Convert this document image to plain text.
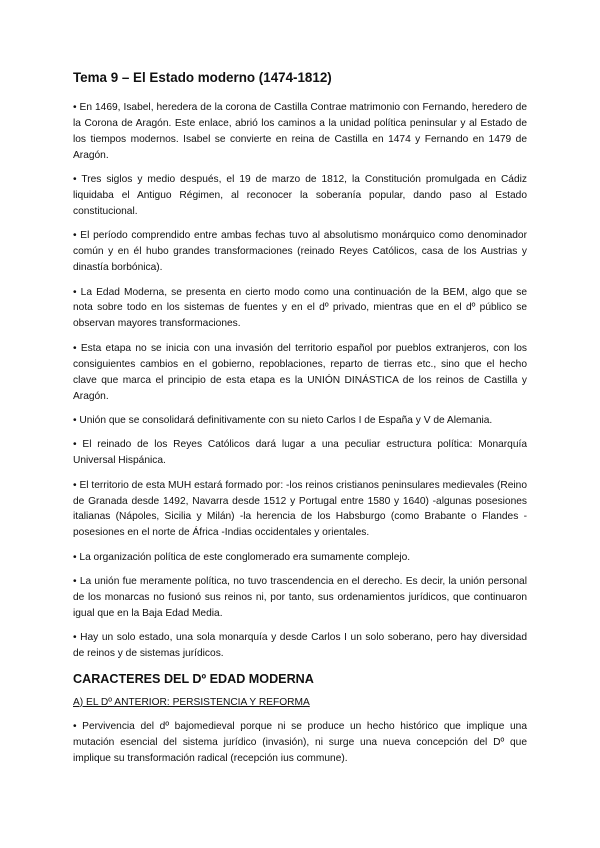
Tema 9 – El Estado moderno (1474-1812)

• En 1469, Isabel, heredera de la corona de Castilla Contrae matrimonio con Fernando, heredero de la Corona de Aragón. Este enlace, abrió los caminos a la unidad política peninsular y al Estado de los tiempos modernos. Isabel se convierte en reina de Castilla en 1474 y Fernando en 1479 de Aragón.

• Tres siglos y medio después, el 19 de marzo de 1812, la Constitución promulgada en Cádiz liquidaba el Antiguo Régimen, al reconocer la soberanía popular, dando paso al Estado constitucional.

• El período comprendido entre ambas fechas tuvo al absolutismo monárquico como denominador común y en él hubo grandes transformaciones (reinado Reyes Católicos, casa de los Austrias y dinastía borbónica).

• La Edad Moderna, se presenta en cierto modo como una continuación de la BEM, algo que se nota sobre todo en los sistemas de fuentes y en el dº privado, mientras que en el dº público se observan mayores transformaciones.

• Esta etapa no se inicia con una invasión del territorio español por pueblos extranjeros, con los consiguientes cambios en el gobierno, repoblaciones, reparto de tierras etc., sino que el hecho clave que marca el principio de esta etapa es la UNIÓN DINÁSTICA de los reinos de Castilla y Aragón.

• Unión que se consolidará definitivamente con su nieto Carlos I de España y V de Alemania.

• El reinado de los Reyes Católicos dará lugar a una peculiar estructura política: Monarquía Universal Hispánica.

• El territorio de esta MUH estará formado por: -los reinos cristianos peninsulares medievales (Reino de Granada desde 1492, Navarra desde 1512 y Portugal entre 1580 y 1640) -algunas posesiones italianas (Nápoles, Sicilia y Milán) -la herencia de los Habsburgo (como Brabante o Flandes -posesiones en el norte de África -Indias occidentales y orientales.

• La organización política de este conglomerado era sumamente complejo.

• La unión fue meramente política, no tuvo trascendencia en el derecho. Es decir, la unión personal de los monarcas no fusionó sus reinos ni, por tanto, sus ordenamientos jurídicos, que continuaron igual que en la Baja Edad Media.

• Hay un solo estado, una sola monarquía y desde Carlos I un solo soberano, pero hay diversidad de reinos y de sistemas jurídicos.

CARACTERES DEL Dº EDAD MODERNA
A) EL Dº ANTERIOR: PERSISTENCIA Y REFORMA

• Pervivencia del dº bajomedieval porque ni se produce un hecho histórico que implique una mutación esencial del sistema jurídico (invasión), ni surge una nueva concepción del Dº que implique su transformación radical (recepción ius commune).
